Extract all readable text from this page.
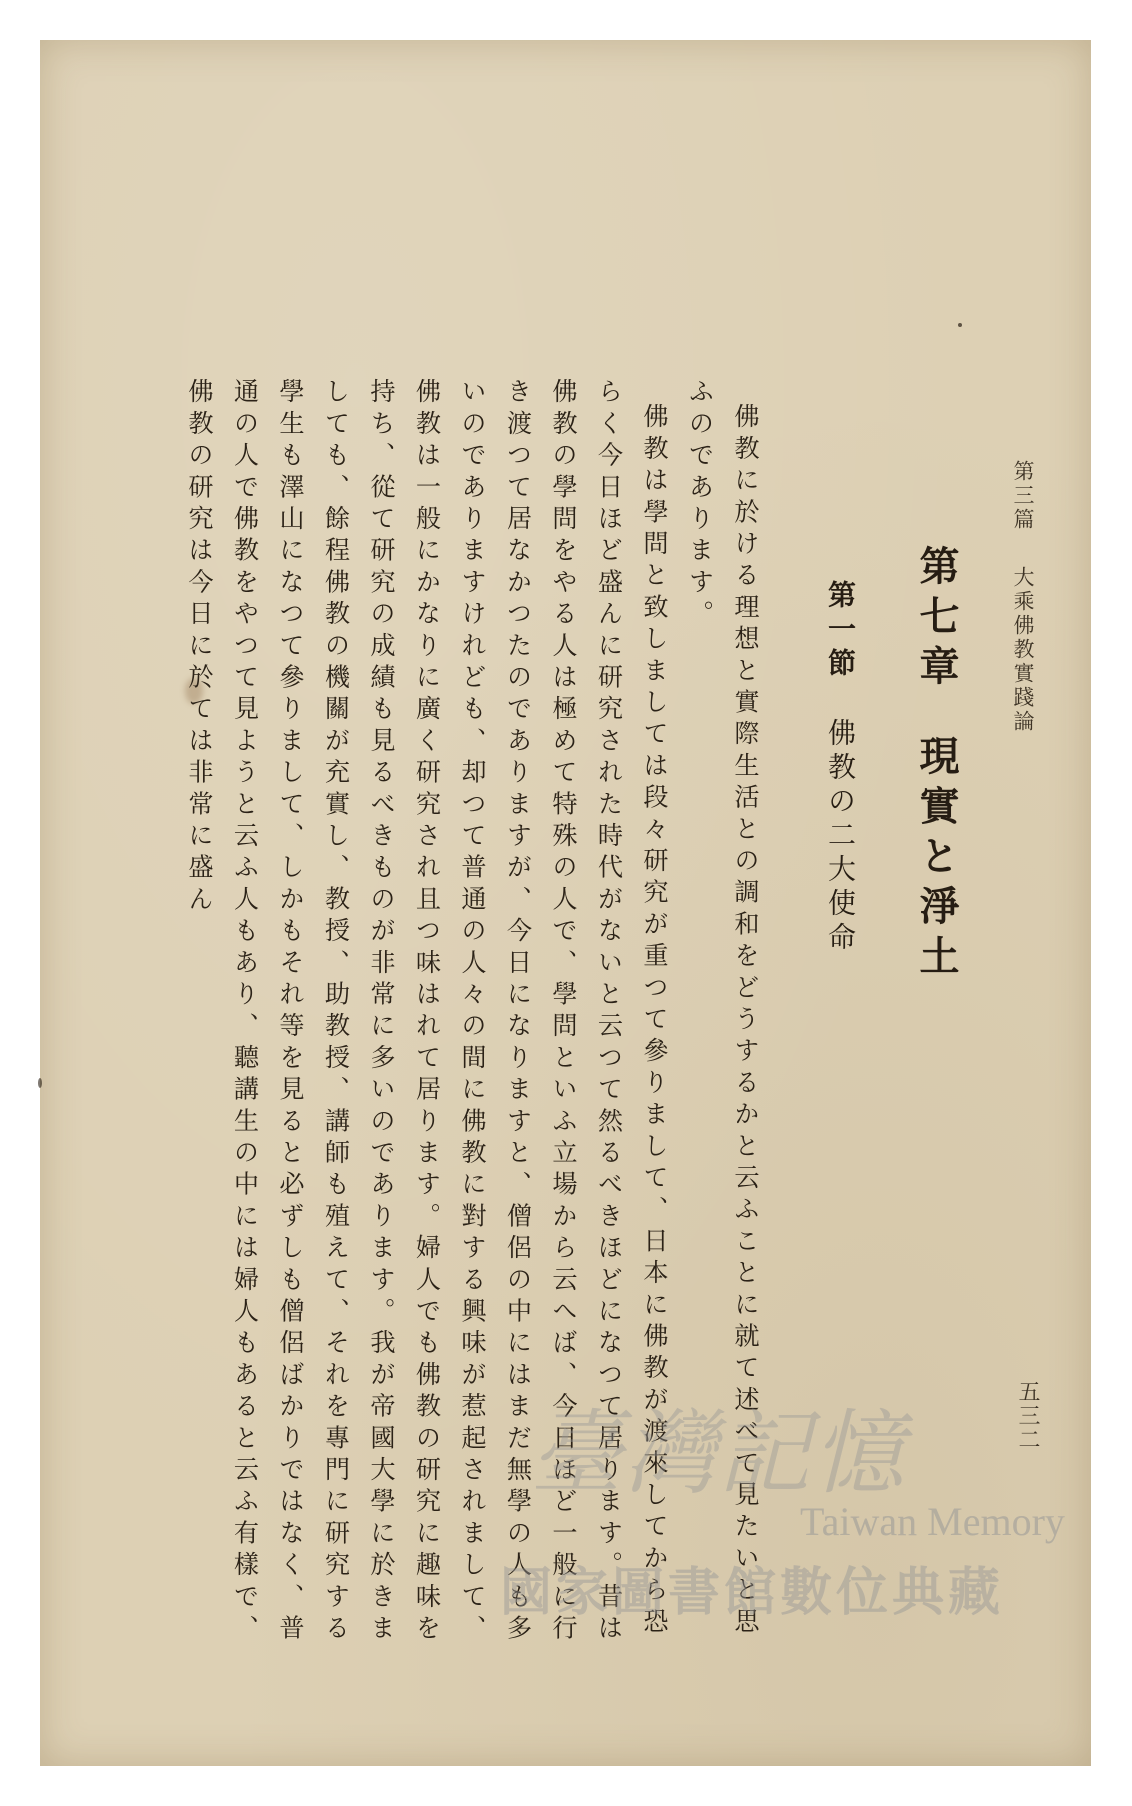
第三篇大乘佛教實踐論
五三二
第七章現實と淨土
第一節佛教の二大使命

佛教に於ける理想と實際生活との調和をどうするかと云ふことに就て述べて見たいと思ふのであります。

佛教は學問と致しましては段々研究が重つて參りまして、日本に佛教が渡來してから恐らく今日ほど盛んに研究された時代がないと云つて然るべきほどになつて居ります。昔は佛教の學問をやる人は極めて特殊の人で、學問といふ立場から云へば、今日ほど一般に行き渡つて居なかつたのでありますが、今日になりますと、僧侶の中にはまだ無學の人も多いのでありますけれども、却つて普通の人々の間に佛教に對する興味が惹起されまして、佛教は一般にかなりに廣く研究され且つ味はれて居ります。婦人でも佛教の研究に趣味を持ち、從て研究の成績も見るべきものが非常に多いのであります。我が帝國大學に於きましても、餘程佛教の機關が充實し、教授、助教授、講師も殖えて、それを專門に研究する學生も澤山になつて參りまして、しかもそれ等を見ると必ずしも僧侶ばかりではなく、普通の人で佛教をやつて見ようと云ふ人もあり、聽講生の中には婦人もあると云ふ有樣で、佛教の研究は今日に於ては非常に盛ん

臺灣記憶
Taiwan Memory
國家圖書館數位典藏
